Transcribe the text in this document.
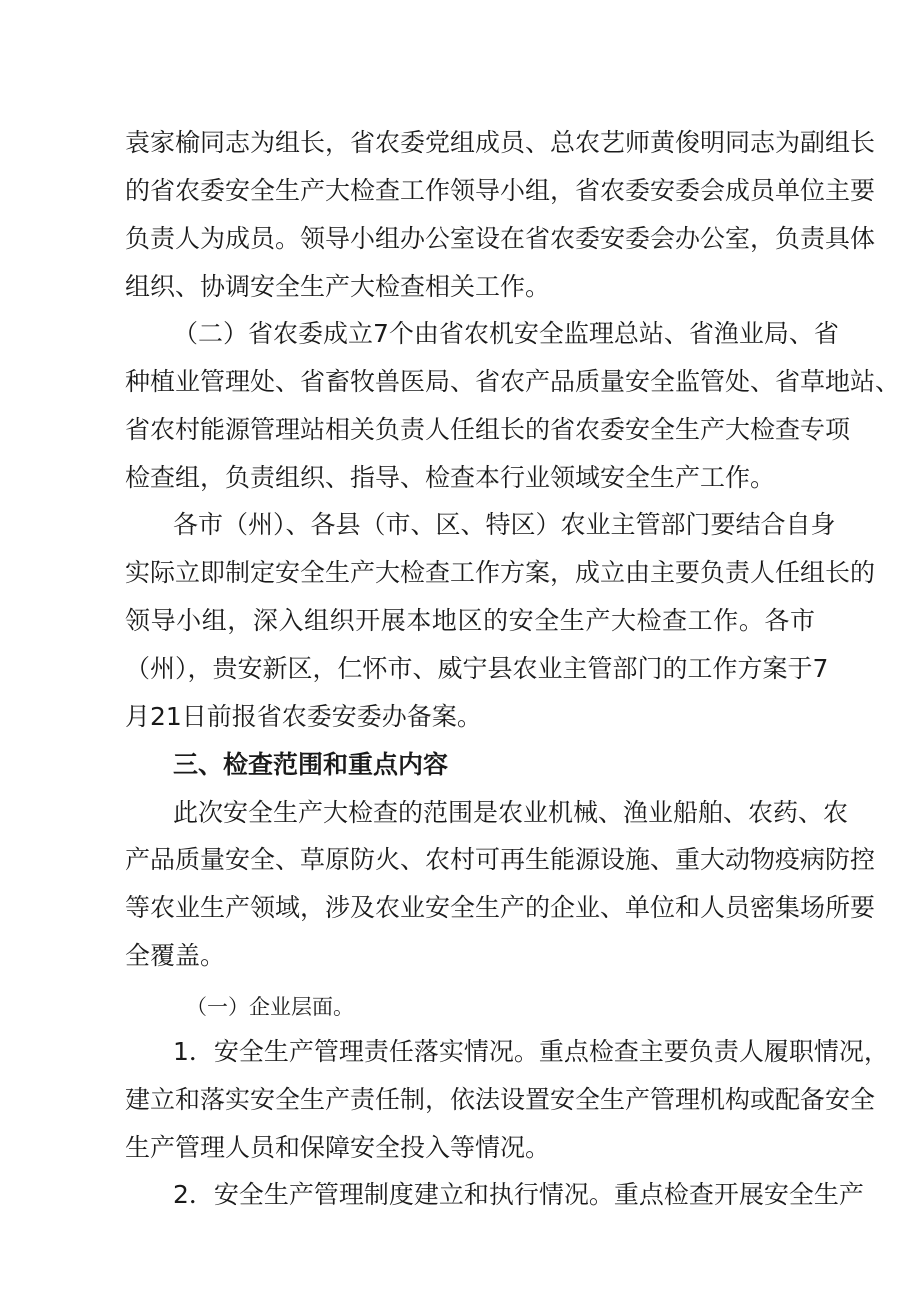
袁家榆同志为组长，省农委党组成员、总农艺师黄俊明同志为副组长
的省农委安全生产大检查工作领导小组，省农委安委会成员单位主要
负责人为成员。领导小组办公室设在省农委安委会办公室，负责具体
组织、协调安全生产大检查相关工作。
（二）省农委成立7个由省农机安全监理总站、省渔业局、省
种植业管理处、省畜牧兽医局、省农产品质量安全监管处、省草地站、
省农村能源管理站相关负责人任组长的省农委安全生产大检查专项
检查组，负责组织、指导、检查本行业领域安全生产工作。
各市（州）、各县（市、区、特区）农业主管部门要结合自身
实际立即制定安全生产大检查工作方案，成立由主要负责人任组长的
领导小组，深入组织开展本地区的安全生产大检查工作。各市
（州），贵安新区，仁怀市、威宁县农业主管部门的工作方案于7
月21日前报省农委安委办备案。
三、检查范围和重点内容
此次安全生产大检查的范围是农业机械、渔业船舶、农药、农
产品质量安全、草原防火、农村可再生能源设施、重大动物疫病防控
等农业生产领域，涉及农业安全生产的企业、单位和人员密集场所要
全覆盖。
（一）企业层面。
1．安全生产管理责任落实情况。重点检查主要负责人履职情况，
建立和落实安全生产责任制，依法设置安全生产管理机构或配备安全
生产管理人员和保障安全投入等情况。
2．安全生产管理制度建立和执行情况。重点检查开展安全生产
